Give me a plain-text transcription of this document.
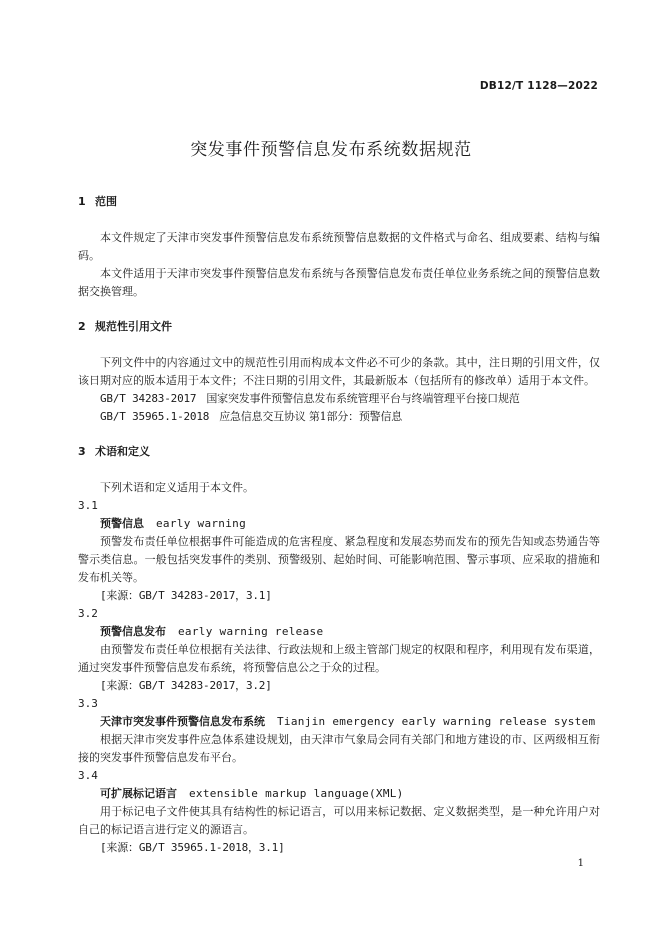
DB12/T 1128—2022
突发事件预警信息发布系统数据规范
1 范围

本文件规定了天津市突发事件预警信息发布系统预警信息数据的文件格式与命名、组成要素、结构与编码。

本文件适用于天津市突发事件预警信息发布系统与各预警信息发布责任单位业务系统之间的预警信息数据交换管理。

2 规范性引用文件

下列文件中的内容通过文中的规范性引用而构成本文件必不可少的条款。其中，注日期的引用文件，仅该日期对应的版本适用于本文件；不注日期的引用文件，其最新版本（包括所有的修改单）适用于本文件。

GB/T 34283-2017 国家突发事件预警信息发布系统管理平台与终端管理平台接口规范
GB/T 35965.1-2018 应急信息交互协议 第1部分：预警信息
3 术语和定义

下列术语和定义适用于本文件。

3.1
预警信息 early warning

预警发布责任单位根据事件可能造成的危害程度、紧急程度和发展态势而发布的预先告知或态势通告等警示类信息。一般包括突发事件的类别、预警级别、起始时间、可能影响范围、警示事项、应采取的措施和发布机关等。

[来源：GB/T 34283-2017，3.1]
3.2
预警信息发布 early warning release

由预警发布责任单位根据有关法律、行政法规和上级主管部门规定的权限和程序，利用现有发布渠道，通过突发事件预警信息发布系统，将预警信息公之于众的过程。

[来源：GB/T 34283-2017，3.2]
3.3
天津市突发事件预警信息发布系统 Tianjin emergency early warning release system

根据天津市突发事件应急体系建设规划，由天津市气象局会同有关部门和地方建设的市、区两级相互衔接的突发事件预警信息发布平台。

3.4
可扩展标记语言 extensible markup language(XML)

用于标记电子文件使其具有结构性的标记语言，可以用来标记数据、定义数据类型，是一种允许用户对自己的标记语言进行定义的源语言。

[来源：GB/T 35965.1-2018，3.1]
1
